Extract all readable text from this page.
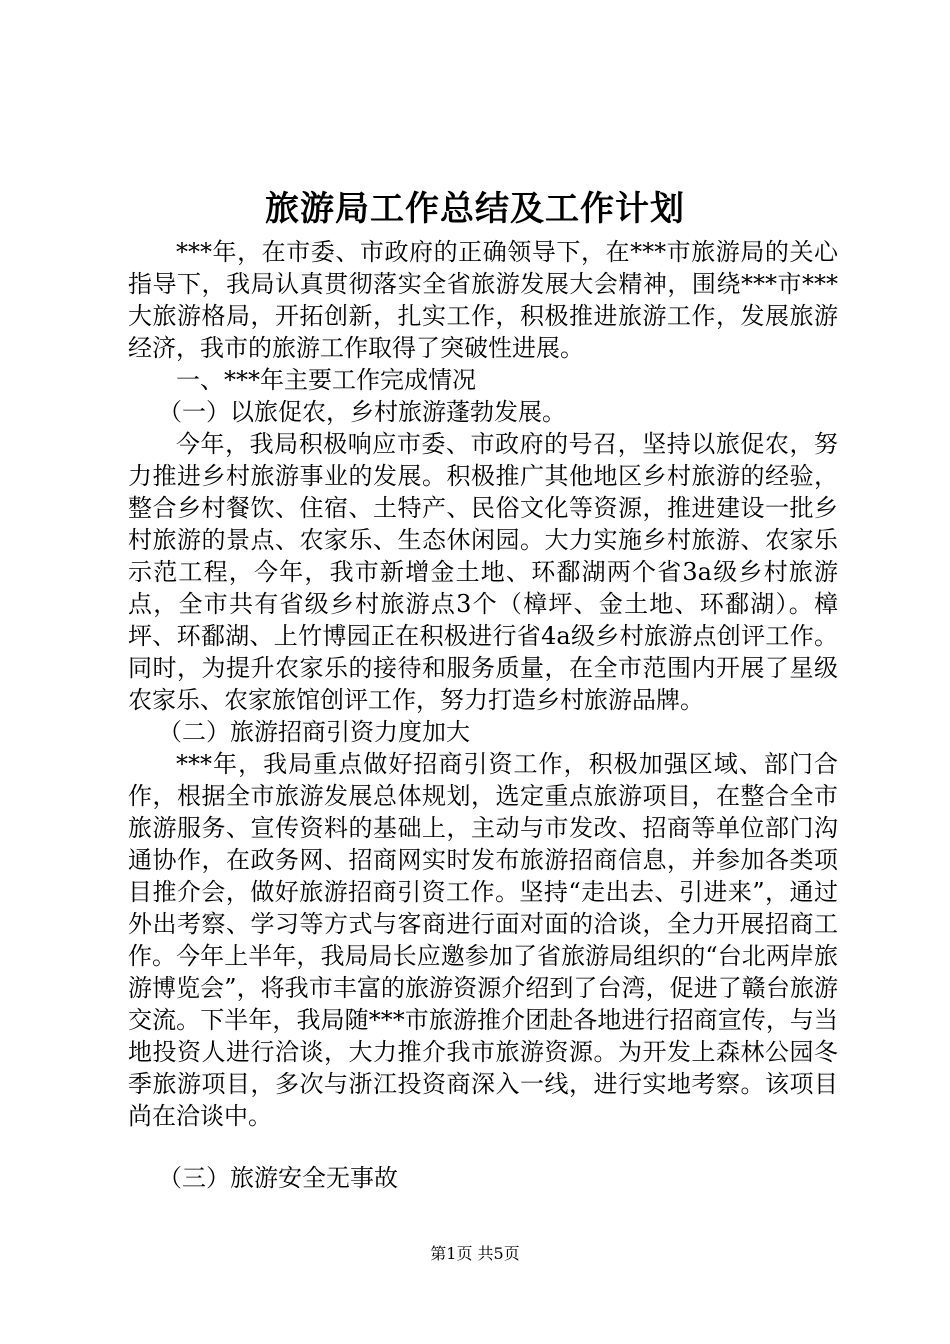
旅游局工作总结及工作计划

***年，在市委、市政府的正确领导下，在***市旅游局的关心指导下，我局认真贯彻落实全省旅游发展大会精神，围绕***市***大旅游格局，开拓创新，扎实工作，积极推进旅游工作，发展旅游经济，我市的旅游工作取得了突破性进展。

一、***年主要工作完成情况

（一）以旅促农，乡村旅游蓬勃发展。

今年，我局积极响应市委、市政府的号召，坚持以旅促农，努力推进乡村旅游事业的发展。积极推广其他地区乡村旅游的经验，整合乡村餐饮、住宿、土特产、民俗文化等资源，推进建设一批乡村旅游的景点、农家乐、生态休闲园。大力实施乡村旅游、农家乐示范工程，今年，我市新增金土地、环鄱湖两个省3a级乡村旅游点，全市共有省级乡村旅游点3个（樟坪、金土地、环鄱湖）。樟坪、环鄱湖、上竹博园正在积极进行省4a级乡村旅游点创评工作。同时，为提升农家乐的接待和服务质量，在全市范围内开展了星级农家乐、农家旅馆创评工作，努力打造乡村旅游品牌。

（二）旅游招商引资力度加大

***年，我局重点做好招商引资工作，积极加强区域、部门合作，根据全市旅游发展总体规划，选定重点旅游项目，在整合全市旅游服务、宣传资料的基础上，主动与市发改、招商等单位部门沟通协作，在政务网、招商网实时发布旅游招商信息，并参加各类项目推介会，做好旅游招商引资工作。坚持“走出去、引进来”，通过外出考察、学习等方式与客商进行面对面的洽谈，全力开展招商工作。今年上半年，我局局长应邀参加了省旅游局组织的“台北两岸旅游博览会”，将我市丰富的旅游资源介绍到了台湾，促进了赣台旅游交流。下半年，我局随***市旅游推介团赴各地进行招商宣传，与当地投资人进行洽谈，大力推介我市旅游资源。为开发上森林公园冬季旅游项目，多次与浙江投资商深入一线，进行实地考察。该项目尚在洽谈中。

（三）旅游安全无事故

第1页 共5页
